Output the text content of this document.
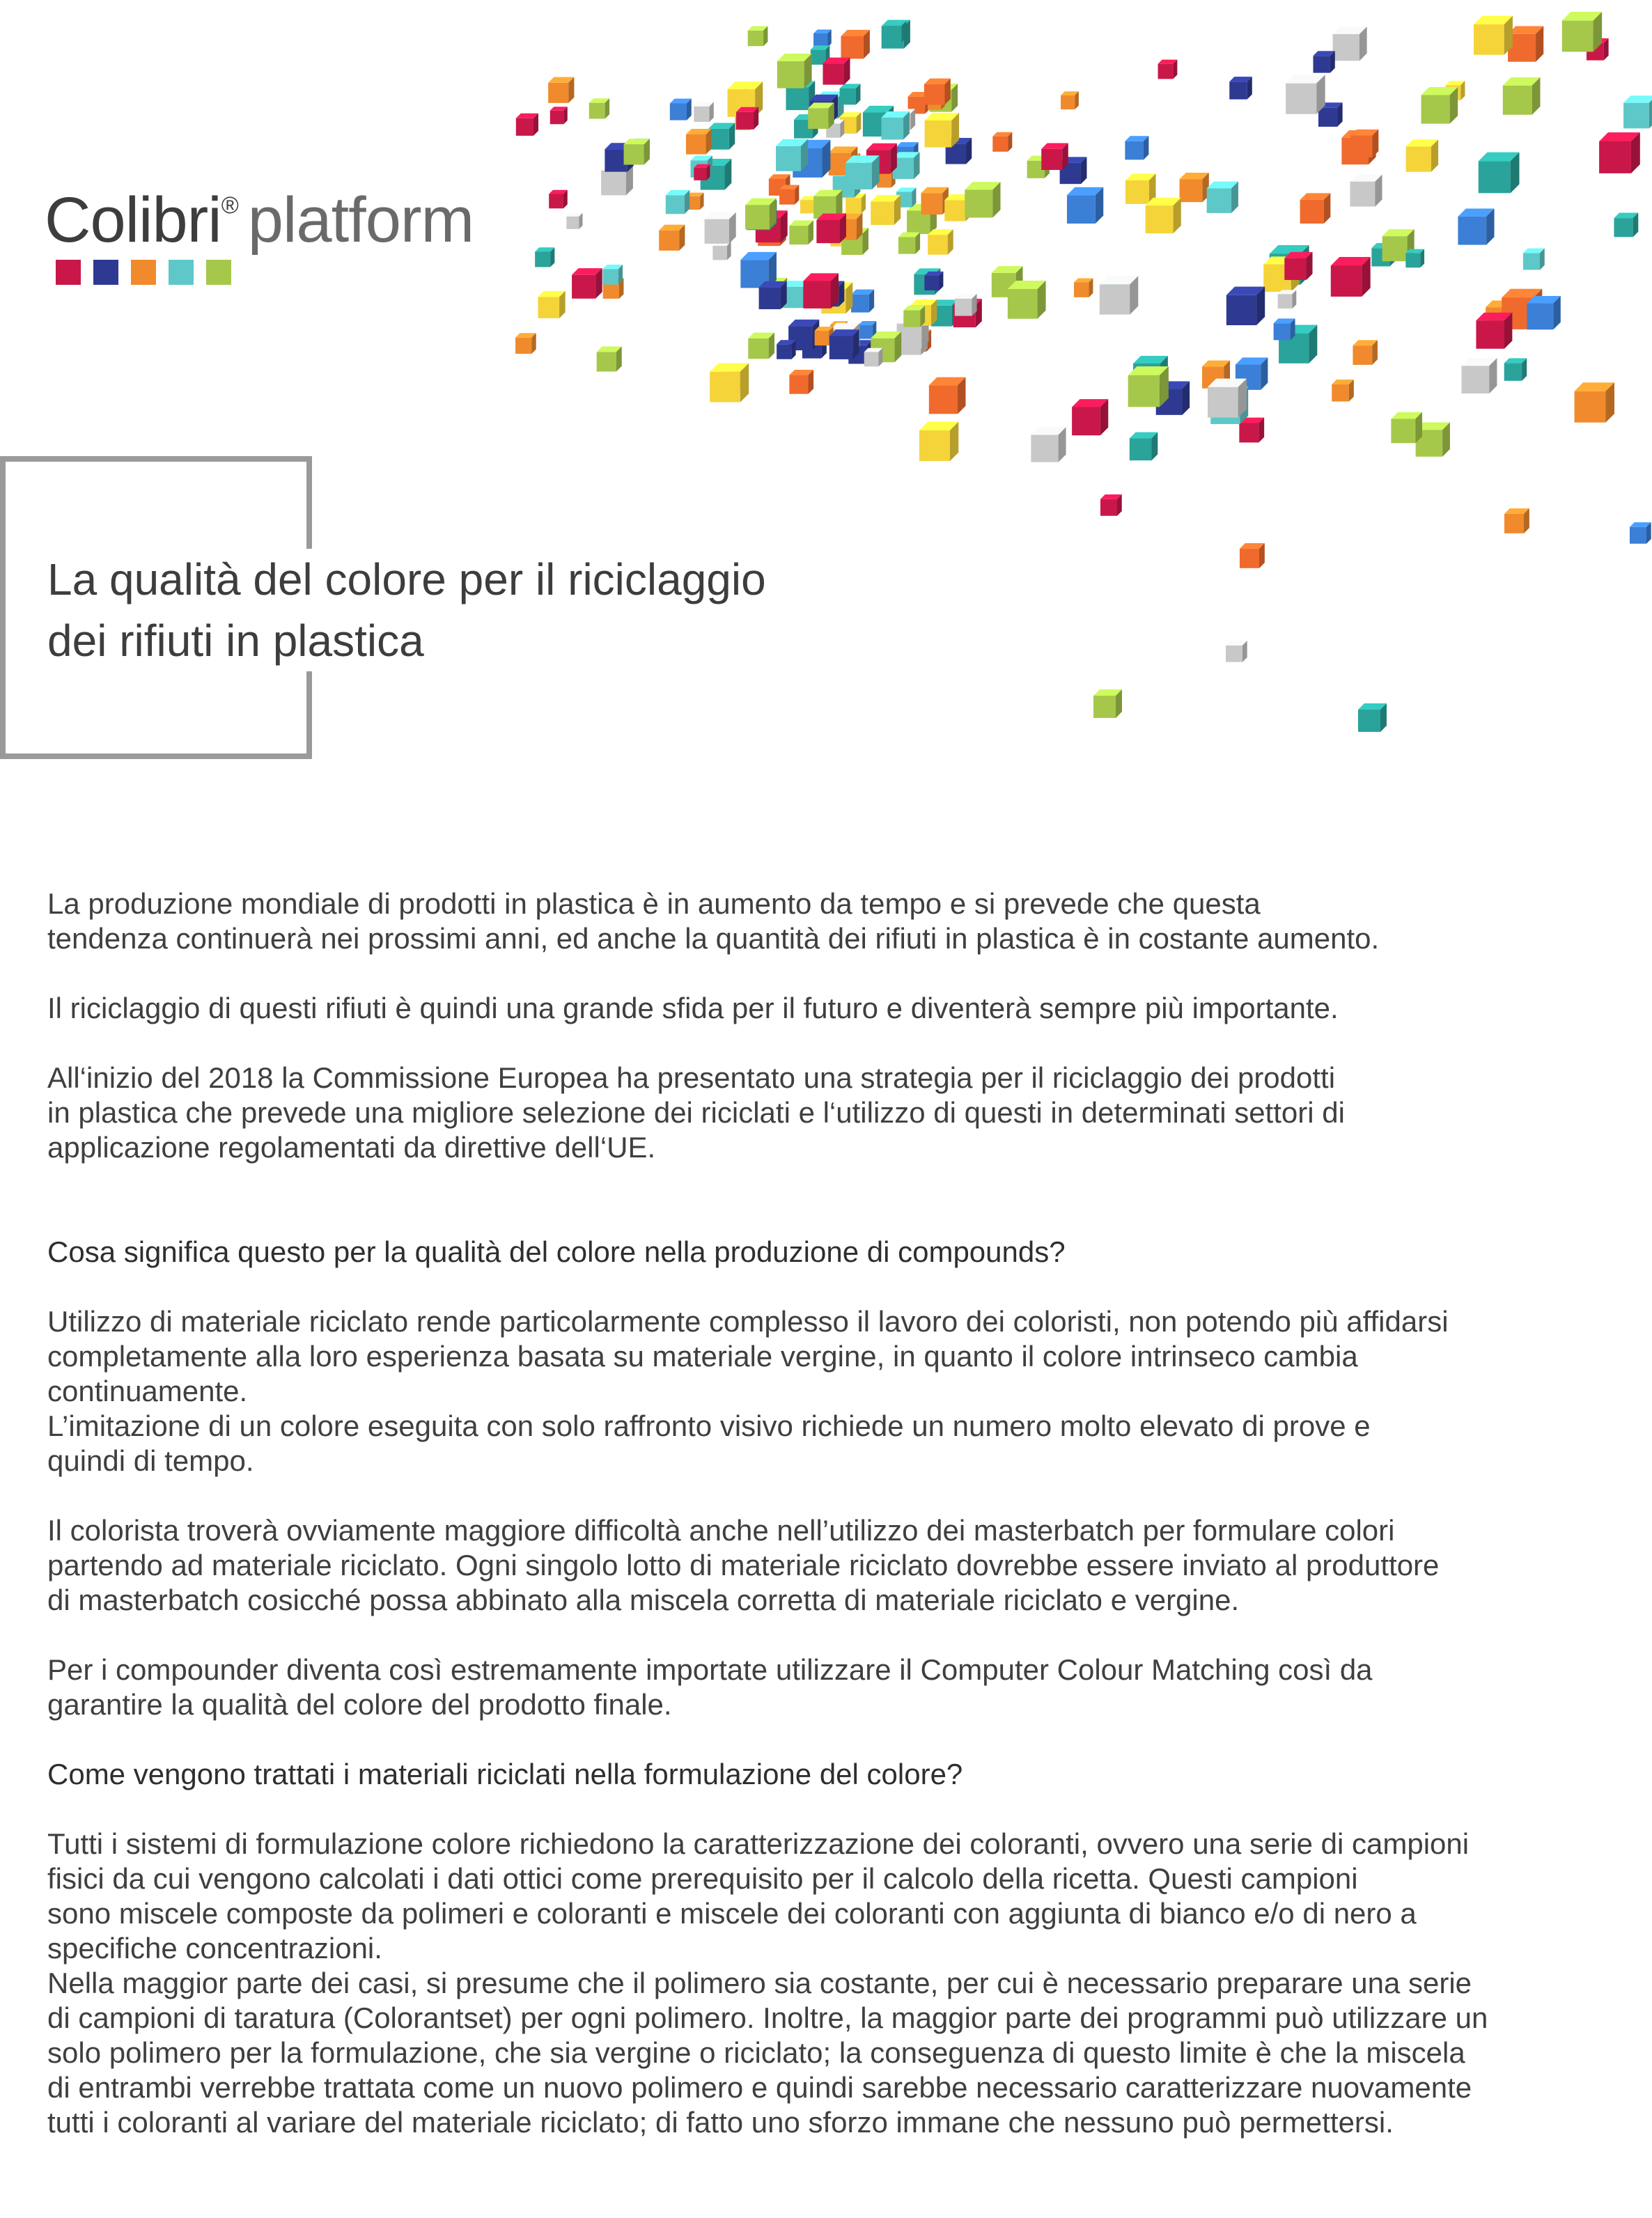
Colibri® platform
La qualità del colore per il riciclaggio
dei rifiuti in plastica

La produzione mondiale di prodotti in plastica è in aumento da tempo e si prevede che questa
tendenza continuerà nei prossimi anni, ed anche la quantità dei rifiuti in plastica è in costante aumento.

Il riciclaggio di questi rifiuti è quindi una grande sfida per il futuro e diventerà sempre più importante.

All‘inizio del 2018 la Commissione Europea ha presentato una strategia per il riciclaggio dei prodotti
in plastica che prevede una migliore selezione dei riciclati e l‘utilizzo di questi in determinati settori di
applicazione regolamentati da direttive dell‘UE.

Cosa significa questo per la qualità del colore nella produzione di compounds?

Utilizzo di materiale riciclato rende particolarmente complesso il lavoro dei coloristi, non potendo più affidarsi
completamente alla loro esperienza basata su materiale vergine, in quanto il colore intrinseco cambia
continuamente.
L’imitazione di un colore eseguita con solo raffronto visivo richiede un numero molto elevato di prove e
quindi di tempo.

Il colorista troverà ovviamente maggiore difficoltà anche nell’utilizzo dei masterbatch per formulare colori
partendo ad materiale riciclato. Ogni singolo lotto di materiale riciclato dovrebbe essere inviato al produttore
di masterbatch cosicché possa abbinato alla miscela corretta di materiale riciclato e vergine.

Per i compounder diventa così estremamente importate utilizzare il Computer Colour Matching così da
garantire la qualità del colore del prodotto finale.

Come vengono trattati i materiali riciclati nella formulazione del colore?

Tutti i sistemi di formulazione colore richiedono la caratterizzazione dei coloranti, ovvero una serie di campioni
fisici da cui vengono calcolati i dati ottici come prerequisito per il calcolo della ricetta. Questi campioni
sono miscele composte da polimeri e coloranti e miscele dei coloranti con aggiunta di bianco e/o di nero a
specifiche concentrazioni.
Nella maggior parte dei casi, si presume che il polimero sia costante, per cui è necessario preparare una serie
di campioni di taratura (Colorantset) per ogni polimero. Inoltre, la maggior parte dei programmi può utilizzare un
solo polimero per la formulazione, che sia vergine o riciclato; la conseguenza di questo limite è che la miscela
di entrambi verrebbe trattata come un nuovo polimero e quindi sarebbe necessario caratterizzare nuovamente
tutti i coloranti al variare del materiale riciclato; di fatto uno sforzo immane che nessuno può permettersi.
